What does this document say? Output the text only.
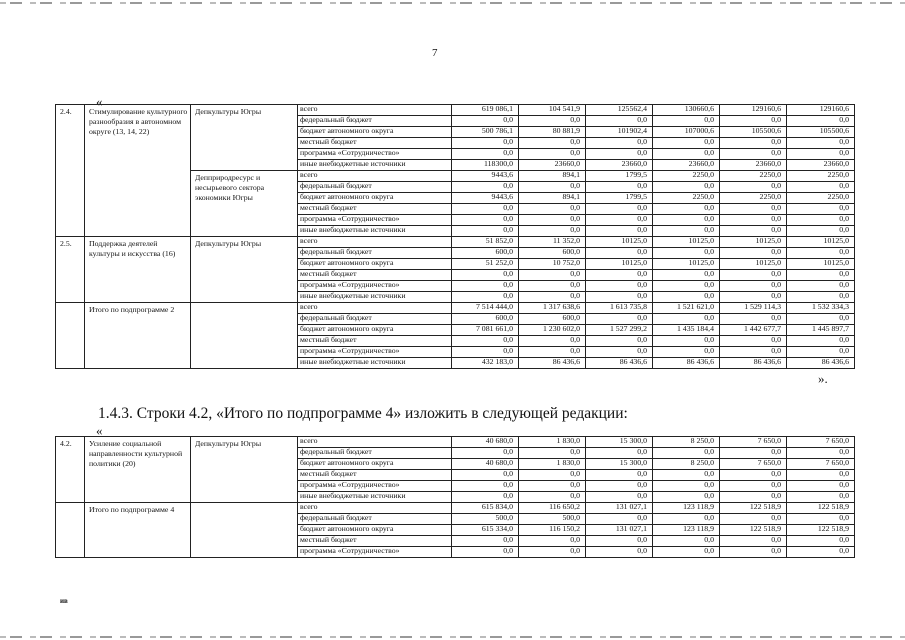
7
«
2.4.	Стимулирование культурного разнообразия в автономном округе (13, 14, 22)	Депкультуры Югры	всего	619 086,1	104 541,9	125562,4	130660,6	129160,6	129160,6
			федеральный бюджет	0,0	0,0	0,0	0,0	0,0	0,0
			бюджет автономного округа	500 786,1	80 881,9	101902,4	107000,6	105500,6	105500,6
			местный бюджет	0,0	0,0	0,0	0,0	0,0	0,0
			программа «Сотрудничество»	0,0	0,0	0,0	0,0	0,0	0,0
			иные внебюджетные источники	118300,0	23660,0	23660,0	23660,0	23660,0	23660,0
		Депприродресурс и несырьевого сектора экономики Югры	всего	9443,6	894,1	1799,5	2250,0	2250,0	2250,0
			федеральный бюджет	0,0	0,0	0,0	0,0	0,0	0,0
			бюджет автономного округа	9443,6	894,1	1799,5	2250,0	2250,0	2250,0
			местный бюджет	0,0	0,0	0,0	0,0	0,0	0,0
			программа «Сотрудничество»	0,0	0,0	0,0	0,0	0,0	0,0
			иные внебюджетные источники	0,0	0,0	0,0	0,0	0,0	0,0
2.5.	Поддержка деятелей культуры и искусства (16)	Депкультуры Югры	всего	51 852,0	11 352,0	10125,0	10125,0	10125,0	10125,0
			федеральный бюджет	600,0	600,0	0,0	0,0	0,0	0,0
			бюджет автономного округа	51 252,0	10 752,0	10125,0	10125,0	10125,0	10125,0
			местный бюджет	0,0	0,0	0,0	0,0	0,0	0,0
			программа «Сотрудничество»	0,0	0,0	0,0	0,0	0,0	0,0
			иные внебюджетные источники	0,0	0,0	0,0	0,0	0,0	0,0
	Итого по подпрограмме 2		всего	7 514 444,0	1 317 638,6	1 613 735,8	1 521 621,0	1 529 114,3	1 532 334,3
			федеральный бюджет	600,0	600,0	0,0	0,0	0,0	0,0
			бюджет автономного округа	7 081 661,0	1 230 602,0	1 527 299,2	1 435 184,4	1 442 677,7	1 445 897,7
			местный бюджет	0,0	0,0	0,0	0,0	0,0	0,0
			программа «Сотрудничество»	0,0	0,0	0,0	0,0	0,0	0,0
			иные внебюджетные источники	432 183,0	86 436,6	86 436,6	86 436,6	86 436,6	86 436,6
».
1.4.3. Строки 4.2, «Итого по подпрограмме 4» изложить в следующей редакции:
«
4.2.	Усиление социальной направленности культурной политики (20)	Депкультуры Югры	всего	40 680,0	1 830,0	15 300,0	8 250,0	7 650,0	7 650,0
			федеральный бюджет	0,0	0,0	0,0	0,0	0,0	0,0
			бюджет автономного округа	40 680,0	1 830,0	15 300,0	8 250,0	7 650,0	7 650,0
			местный бюджет	0,0	0,0	0,0	0,0	0,0	0,0
			программа «Сотрудничество»	0,0	0,0	0,0	0,0	0,0	0,0
			иные внебюджетные источники	0,0	0,0	0,0	0,0	0,0	0,0
	Итого по подпрограмме 4		всего	615 834,0	116 650,2	131 027,1	123 118,9	122 518,9	122 518,9
			федеральный бюджет	500,0	500,0	0,0	0,0	0,0	0,0
			бюджет автономного округа	615 334,0	116 150,2	131 027,1	123 118,9	122 518,9	122 518,9
			местный бюджет	0,0	0,0	0,0	0,0	0,0	0,0
			программа «Сотрудничество»	0,0	0,0	0,0	0,0	0,0	0,0
ив
